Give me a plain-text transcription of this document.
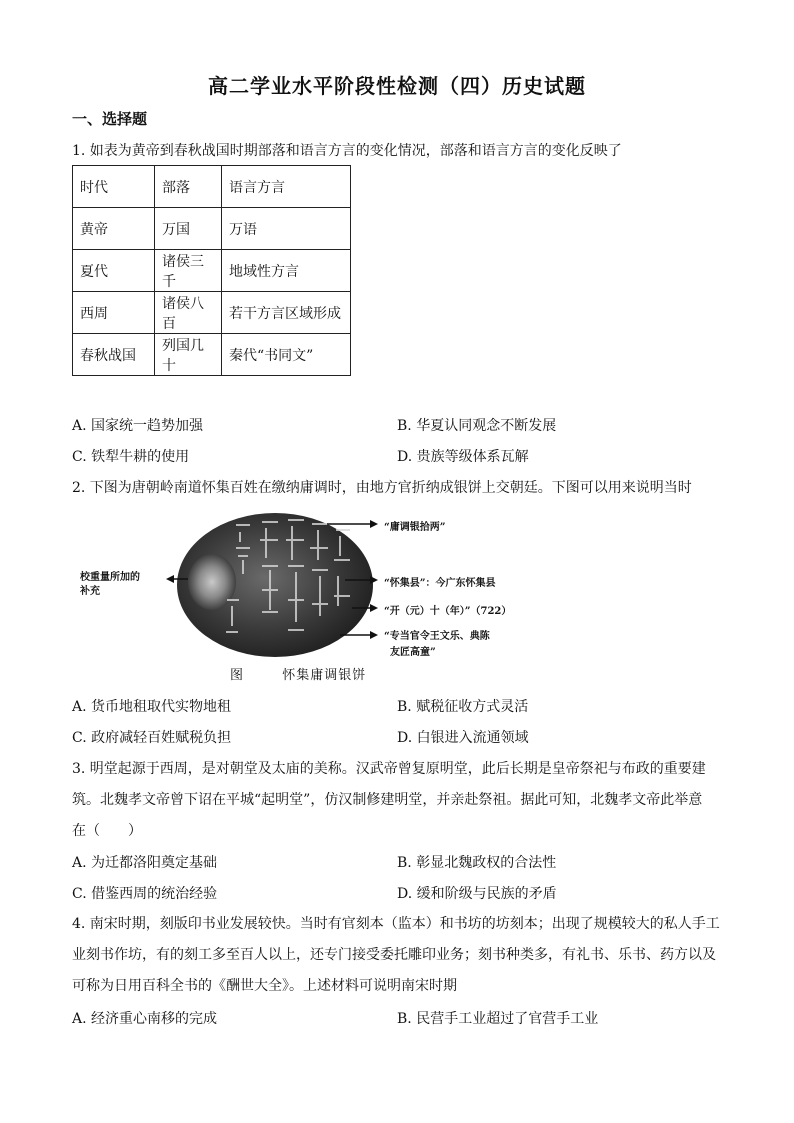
高二学业水平阶段性检测（四）历史试题
一、选择题
1. 如表为黄帝到春秋战国时期部落和语言方言的变化情况，部落和语言方言的变化反映了
时代	部落	语言方言
黄帝	万国	万语
夏代	诸侯三千	地域性方言
西周	诸侯八百	若干方言区域形成
春秋战国	列国几十	秦代“书同文”
A. 国家统一趋势加强	B. 华夏认同观念不断发展
C. 铁犁牛耕的使用	D. 贵族等级体系瓦解
2. 下图为唐朝岭南道怀集百姓在缴纳庸调时，由地方官折纳成银饼上交朝廷。下图可以用来说明当时
校重量所加的
补充
“庸调银拾两”
“怀集县”：今广东怀集县
“开（元）十（年）”（722）
“专当官令王文乐、典陈
友匠高童”
图	怀集庸调银饼
A. 货币地租取代实物地租	B. 赋税征收方式灵活
C. 政府减轻百姓赋税负担	D. 白银进入流通领域
3. 明堂起源于西周，是对朝堂及太庙的美称。汉武帝曾复原明堂，此后长期是皇帝祭祀与布政的重要建
筑。北魏孝文帝曾下诏在平城“起明堂”，仿汉制修建明堂，并亲赴祭祖。据此可知，北魏孝文帝此举意
在（　　）
A. 为迁都洛阳奠定基础	B. 彰显北魏政权的合法性
C. 借鉴西周的统治经验	D. 缓和阶级与民族的矛盾
4. 南宋时期，刻版印书业发展较快。当时有官刻本（监本）和书坊的坊刻本；出现了规模较大的私人手工
业刻书作坊，有的刻工多至百人以上，还专门接受委托雕印业务；刻书种类多，有礼书、乐书、药方以及
可称为日用百科全书的《酬世大全》。上述材料可说明南宋时期
A. 经济重心南移的完成	B. 民营手工业超过了官营手工业
